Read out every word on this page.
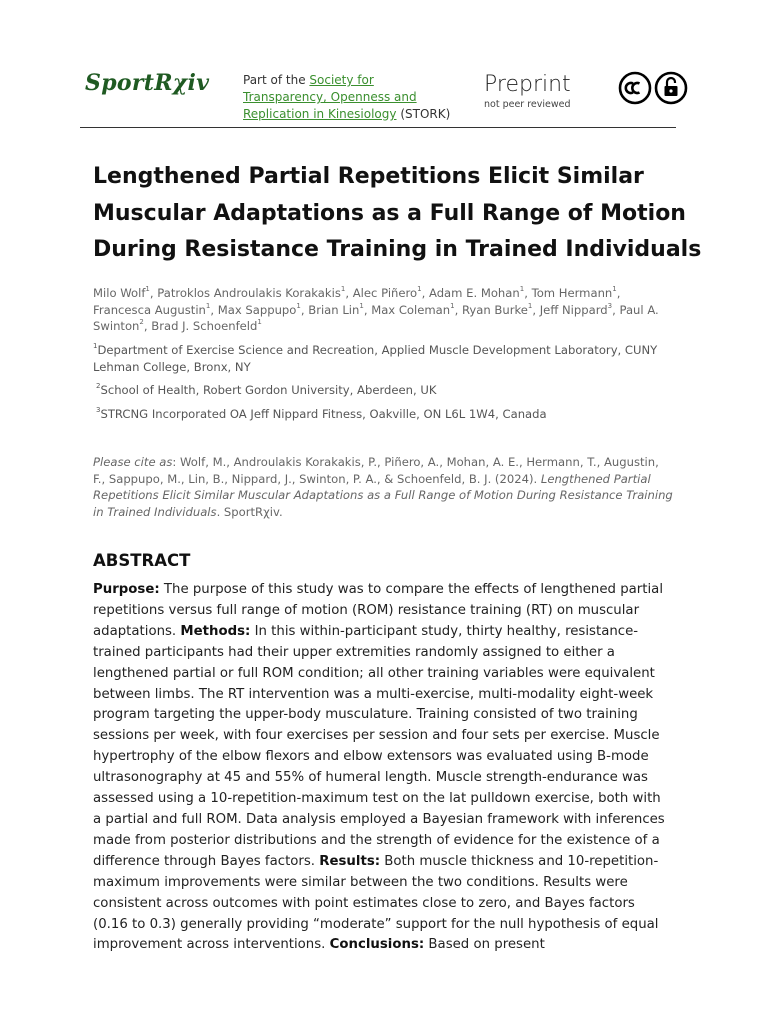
SportRχiv	Part of the Society for Transparency, Openness and Replication in Kinesiology (STORK)
Preprint
not peer reviewed
Lengthened Partial Repetitions Elicit Similar Muscular Adaptations as a Full Range of Motion During Resistance Training in Trained Individuals
Milo Wolf$^1$, Patroklos Androulakis Korakakis$^1$, Alec Piñero$^1$, Adam E. Mohan$^1$, Tom Hermann$^1$, Francesca Augustin$^1$, Max Sappupo$^1$, Brian Lin$^1$, Max Coleman$^1$, Ryan Burke$^1$, Jeff Nippard$^3$, Paul A. Swinton$^2$, Brad J. Schoenfeld$^1$
$^1$Department of Exercise Science and Recreation, Applied Muscle Development Laboratory, CUNY Lehman College, Bronx, NY
$^2$School of Health, Robert Gordon University, Aberdeen, UK
$^3$STRCNG Incorporated OA Jeff Nippard Fitness, Oakville, ON L6L 1W4, Canada
Please cite as: Wolf, M., Androulakis Korakakis, P., Piñero, A., Mohan, A. E., Hermann, T., Augustin, F., Sappupo, M., Lin, B., Nippard, J., Swinton, P. A., & Schoenfeld, B. J. (2024). Lengthened Partial Repetitions Elicit Similar Muscular Adaptations as a Full Range of Motion During Resistance Training in Trained Individuals. SportRχiv.
ABSTRACT
Purpose: The purpose of this study was to compare the effects of lengthened partial repetitions versus full range of motion (ROM) resistance training (RT) on muscular adaptations. Methods: In this within-participant study, thirty healthy, resistance-trained participants had their upper extremities randomly assigned to either a lengthened partial or full ROM condition; all other training variables were equivalent between limbs. The RT intervention was a multi-exercise, multi-modality eight-week program targeting the upper-body musculature. Training consisted of two training sessions per week, with four exercises per session and four sets per exercise. Muscle hypertrophy of the elbow flexors and elbow extensors was evaluated using B-mode ultrasonography at 45 and 55% of humeral length. Muscle strength-endurance was assessed using a 10-repetition-maximum test on the lat pulldown exercise, both with a partial and full ROM. Data analysis employed a Bayesian framework with inferences made from posterior distributions and the strength of evidence for the existence of a difference through Bayes factors. Results: Both muscle thickness and 10-repetition-maximum improvements were similar between the two conditions. Results were consistent across outcomes with point estimates close to zero, and Bayes factors (0.16 to 0.3) generally providing “moderate” support for the null hypothesis of equal improvement across interventions. Conclusions: Based on present
